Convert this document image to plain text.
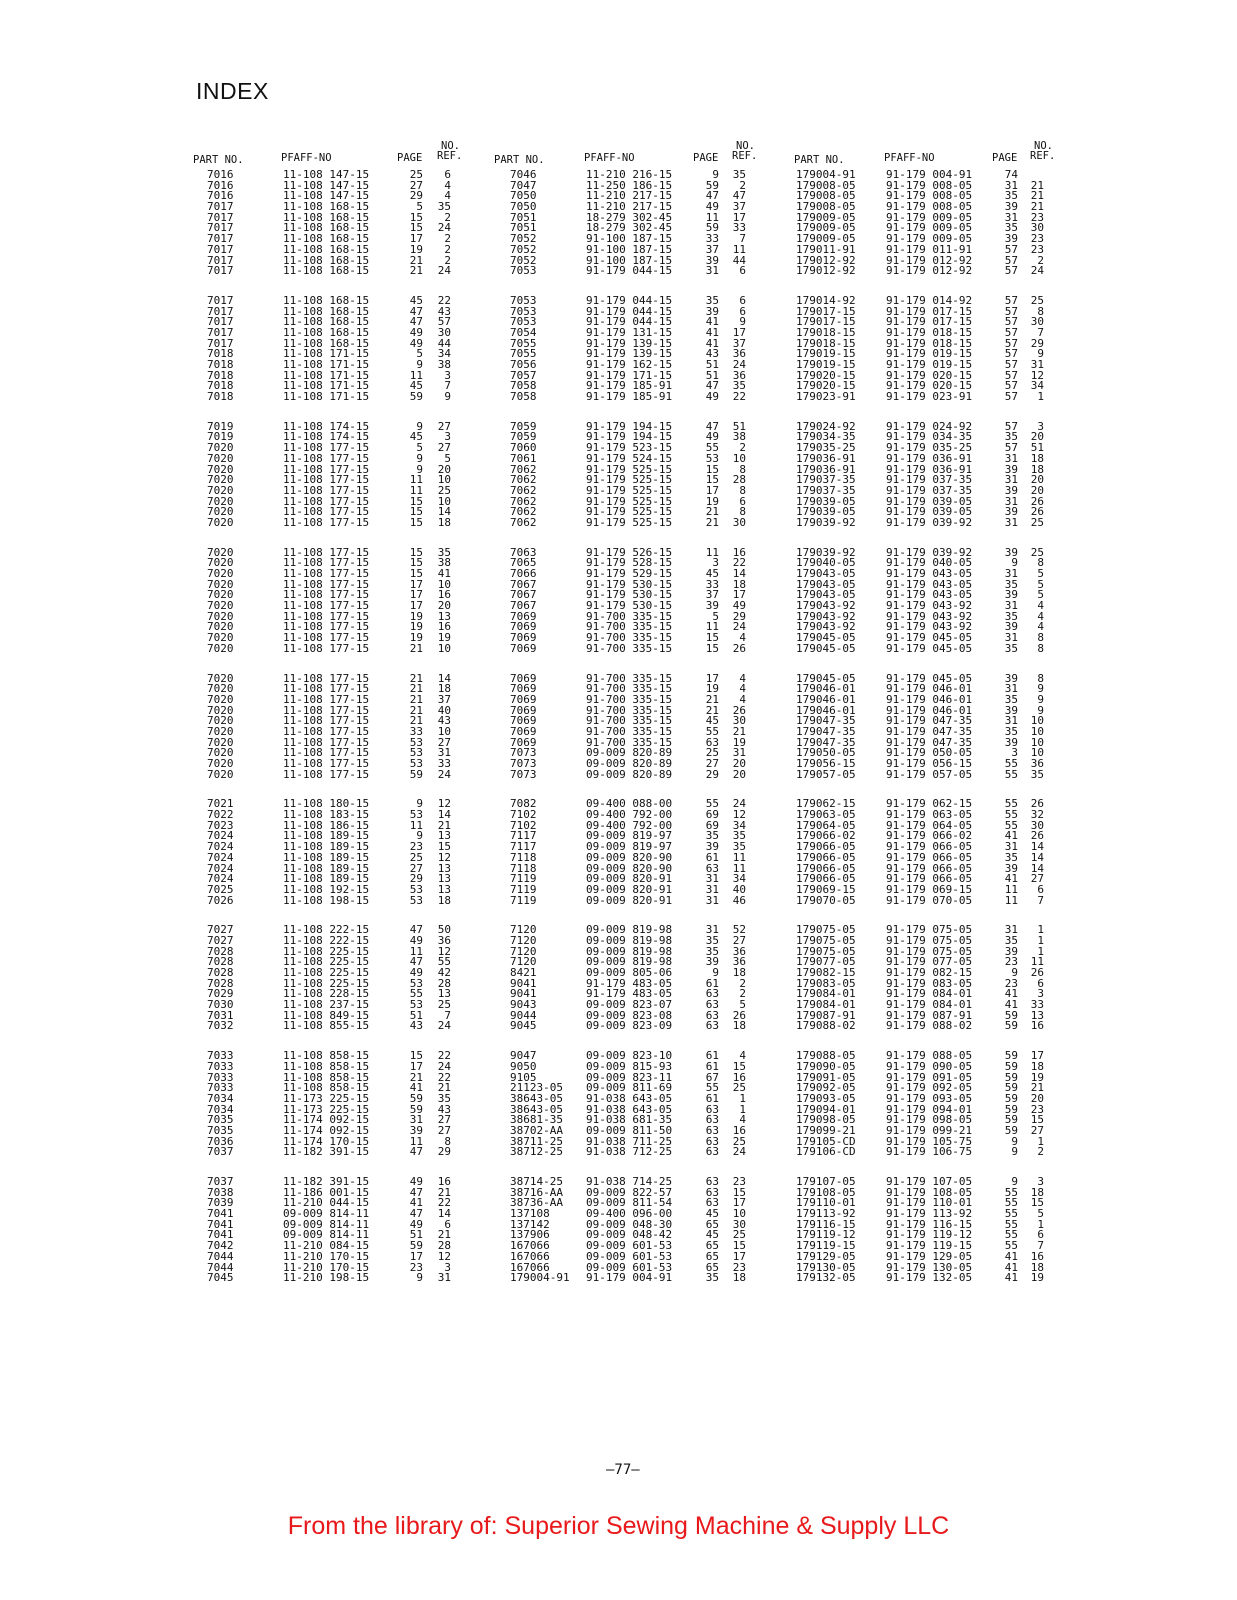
INDEX
PART NO.	PFAFF-NO	PAGE
NO.
REF.
7016	11-108 147-15	25 6
7016	11-108 147-15	27 4
7016	11-108 147-15	29 4
7017	11-108 168-15	5 35
7017	11-108 168-15	15 2
7017	11-108 168-15	15 24
7017	11-108 168-15	17 2
7017	11-108 168-15	19 2
7017	11-108 168-15	21 2
7017	11-108 168-15	21 24
7017	11-108 168-15	45 22
7017	11-108 168-15	47 43
7017	11-108 168-15	47 57
7017	11-108 168-15	49 30
7017	11-108 168-15	49 44
7018	11-108 171-15	5 34
7018	11-108 171-15	9 38
7018	11-108 171-15	11 3
7018	11-108 171-15	45 7
7018	11-108 171-15	59 9
7019	11-108 174-15	9 27
7019	11-108 174-15	45 3
7020	11-108 177-15	5 27
7020	11-108 177-15	9 5
7020	11-108 177-15	9 20
7020	11-108 177-15	11 10
7020	11-108 177-15	11 25
7020	11-108 177-15	15 10
7020	11-108 177-15	15 14
7020	11-108 177-15	15 18
7020	11-108 177-15	15 35
7020	11-108 177-15	15 38
7020	11-108 177-15	15 41
7020	11-108 177-15	17 10
7020	11-108 177-15	17 16
7020	11-108 177-15	17 20
7020	11-108 177-15	19 13
7020	11-108 177-15	19 16
7020	11-108 177-15	19 19
7020	11-108 177-15	21 10
7020	11-108 177-15	21 14
7020	11-108 177-15	21 18
7020	11-108 177-15	21 37
7020	11-108 177-15	21 40
7020	11-108 177-15	21 43
7020	11-108 177-15	33 10
7020	11-108 177-15	53 27
7020	11-108 177-15	53 31
7020	11-108 177-15	53 33
7020	11-108 177-15	59 24
7021	11-108 180-15	9 12
7022	11-108 183-15	53 14
7023	11-108 186-15	11 21
7024	11-108 189-15	9 13
7024	11-108 189-15	23 15
7024	11-108 189-15	25 12
7024	11-108 189-15	27 13
7024	11-108 189-15	29 13
7025	11-108 192-15	53 13
7026	11-108 198-15	53 18
7027	11-108 222-15	47 50
7027	11-108 222-15	49 36
7028	11-108 225-15	11 12
7028	11-108 225-15	47 55
7028	11-108 225-15	49 42
7028	11-108 225-15	53 28
7029	11-108 228-15	55 13
7030	11-108 237-15	53 25
7031	11-108 849-15	51 7
7032	11-108 855-15	43 24
7033	11-108 858-15	15 22
7033	11-108 858-15	17 24
7033	11-108 858-15	21 22
7033	11-108 858-15	41 21
7034	11-173 225-15	59 35
7034	11-173 225-15	59 43
7035	11-174 092-15	31 27
7035	11-174 092-15	39 27
7036	11-174 170-15	11 8
7037	11-182 391-15	47 29
7037	11-182 391-15	49 16
7038	11-186 001-15	47 21
7039	11-210 044-15	41 22
7041	09-009 814-11	47 14
7041	09-009 814-11	49 6
7041	09-009 814-11	51 21
7042	11-210 084-15	59 28
7044	11-210 170-15	17 12
7044	11-210 170-15	23 3
7045	11-210 198-15	9 31
PART NO.	PFAFF-NO	PAGE
NO.
REF.
7046	11-210 216-15	9 35
7047	11-250 186-15	59 2
7050	11-210 217-15	47 47
7050	11-210 217-15	49 37
7051	18-279 302-45	11 17
7051	18-279 302-45	59 33
7052	91-100 187-15	33 7
7052	91-100 187-15	37 11
7052	91-100 187-15	39 44
7053	91-179 044-15	31 6
7053	91-179 044-15	35 6
7053	91-179 044-15	39 6
7053	91-179 044-15	41 9
7054	91-179 131-15	41 17
7055	91-179 139-15	41 37
7055	91-179 139-15	43 36
7056	91-179 162-15	51 24
7057	91-179 171-15	51 36
7058	91-179 185-91	47 35
7058	91-179 185-91	49 22
7059	91-179 194-15	47 51
7059	91-179 194-15	49 38
7060	91-179 523-15	55 2
7061	91-179 524-15	53 10
7062	91-179 525-15	15 8
7062	91-179 525-15	15 28
7062	91-179 525-15	17 8
7062	91-179 525-15	19 6
7062	91-179 525-15	21 8
7062	91-179 525-15	21 30
7063	91-179 526-15	11 16
7065	91-179 528-15	3 22
7066	91-179 529-15	45 14
7067	91-179 530-15	33 18
7067	91-179 530-15	37 17
7067	91-179 530-15	39 49
7069	91-700 335-15	5 29
7069	91-700 335-15	11 24
7069	91-700 335-15	15 4
7069	91-700 335-15	15 26
7069	91-700 335-15	17 4
7069	91-700 335-15	19 4
7069	91-700 335-15	21 4
7069	91-700 335-15	21 26
7069	91-700 335-15	45 30
7069	91-700 335-15	55 21
7069	91-700 335-15	63 19
7073	09-009 820-89	25 31
7073	09-009 820-89	27 20
7073	09-009 820-89	29 20
7082	09-400 088-00	55 24
7102	09-400 792-00	69 12
7102	09-400 792-00	69 34
7117	09-009 819-97	35 35
7117	09-009 819-97	39 35
7118	09-009 820-90	61 11
7118	09-009 820-90	63 11
7119	09-009 820-91	31 34
7119	09-009 820-91	31 40
7119	09-009 820-91	31 46
7120	09-009 819-98	31 52
7120	09-009 819-98	35 27
7120	09-009 819-98	35 36
7120	09-009 819-98	39 36
8421	09-009 805-06	9 18
9041	91-179 483-05	61 2
9041	91-179 483-05	63 2
9043	09-009 823-07	63 5
9044	09-009 823-08	63 26
9045	09-009 823-09	63 18
9047	09-009 823-10	61 4
9050	09-009 815-93	61 15
9105	09-009 823-11	67 16
21123-05 09-009 811-69	55 25
38643-05 91-038 643-05	61 1
38643-05 91-038 643-05	63 1
38681-35 91-038 681-35	63 4
38702-AA 09-009 811-50	63 16
38711-25 91-038 711-25	63 25
38712-25 91-038 712-25	63 24
38714-25 91-038 714-25	63 23
38716-AA 09-009 822-57	63 15
38736-AA 09-009 811-54	63 17
137108	09-400 096-00	45 10
137142	09-009 048-30	65 30
137906	09-009 048-42	45 25
167066	09-009 601-53	65 15
167066	09-009 601-53	65 17
167066	09-009 601-53	65 23
179004-91 91-179 004-91	35 18
PART NO.	PFAFF-NO	PAGE
NO.
REF.
179004-91	91-179 004-91	74
179008-05	91-179 008-05	31 21
179008-05	91-179 008-05	35 21
179008-05	91-179 008-05	39 21
179009-05	91-179 009-05	31 23
179009-05	91-179 009-05	35 30
179009-05	91-179 009-05	39 23
179011-91	91-179 011-91	57 23
179012-92	91-179 012-92	57 2
179012-92	91-179 012-92	57 24
179014-92	91-179 014-92	57 25
179017-15	91-179 017-15	57 8
179017-15	91-179 017-15	57 30
179018-15	91-179 018-15	57 7
179018-15	91-179 018-15	57 29
179019-15	91-179 019-15	57 9
179019-15	91-179 019-15	57 31
179020-15	91-179 020-15	57 12
179020-15	91-179 020-15	57 34
179023-91	91-179 023-91	57 1
179024-92	91-179 024-92	57 3
179034-35	91-179 034-35	35 20
179035-25	91-179 035-25	57 51
179036-91	91-179 036-91	31 18
179036-91	91-179 036-91	39 18
179037-35	91-179 037-35	31 20
179037-35	91-179 037-35	39 20
179039-05	91-179 039-05	31 26
179039-05	91-179 039-05	39 26
179039-92	91-179 039-92	31 25
179039-92	91-179 039-92	39 25
179040-05	91-179 040-05	9 8
179043-05	91-179 043-05	31 5
179043-05	91-179 043-05	35 5
179043-05	91-179 043-05	39 5
179043-92	91-179 043-92	31 4
179043-92	91-179 043-92	35 4
179043-92	91-179 043-92	39 4
179045-05	91-179 045-05	31 8
179045-05	91-179 045-05	35 8
179045-05	91-179 045-05	39 8
179046-01	91-179 046-01	31 9
179046-01	91-179 046-01	35 9
179046-01	91-179 046-01	39 9
179047-35	91-179 047-35	31 10
179047-35	91-179 047-35	35 10
179047-35	91-179 047-35	39 10
179050-05	91-179 050-05	3 10
179056-15	91-179 056-15	55 36
179057-05	91-179 057-05	55 35
179062-15	91-179 062-15	55 26
179063-05	91-179 063-05	55 32
179064-05	91-179 064-05	55 30
179066-02	91-179 066-02	41 26
179066-05	91-179 066-05	31 14
179066-05	91-179 066-05	35 14
179066-05	91-179 066-05	39 14
179066-05	91-179 066-05	41 27
179069-15	91-179 069-15	11 6
179070-05	91-179 070-05	11 7
179075-05	91-179 075-05	31 1
179075-05	91-179 075-05	35 1
179075-05	91-179 075-05	39 1
179077-05	91-179 077-05	23 11
179082-15	91-179 082-15	9 26
179083-05	91-179 083-05	23 6
179084-01	91-179 084-01	41 3
179084-01	91-179 084-01	41 33
179087-91	91-179 087-91	59 13
179088-02	91-179 088-02	59 16
179088-05	91-179 088-05	59 17
179090-05	91-179 090-05	59 18
179091-05	91-179 091-05	59 19
179092-05	91-179 092-05	59 21
179093-05	91-179 093-05	59 20
179094-01	91-179 094-01	59 23
179098-05	91-179 098-05	59 15
179099-21	91-179 099-21	59 27
179105-CD	91-179 105-75	9 1
179106-CD	91-179 106-75	9 2
179107-05	91-179 107-05	9 3
179108-05	91-179 108-05	55 18
179110-01	91-179 110-01	55 15
179113-92	91-179 113-92	55 5
179116-15	91-179 116-15	55 1
179119-12	91-179 119-12	55 6
179119-15	91-179 119-15	55 7
179129-05	91-179 129-05	41 16
179130-05	91-179 130-05	41 18
179132-05	91-179 132-05	41 19
—77—
From the library of: Superior Sewing Machine & Supply LLC
